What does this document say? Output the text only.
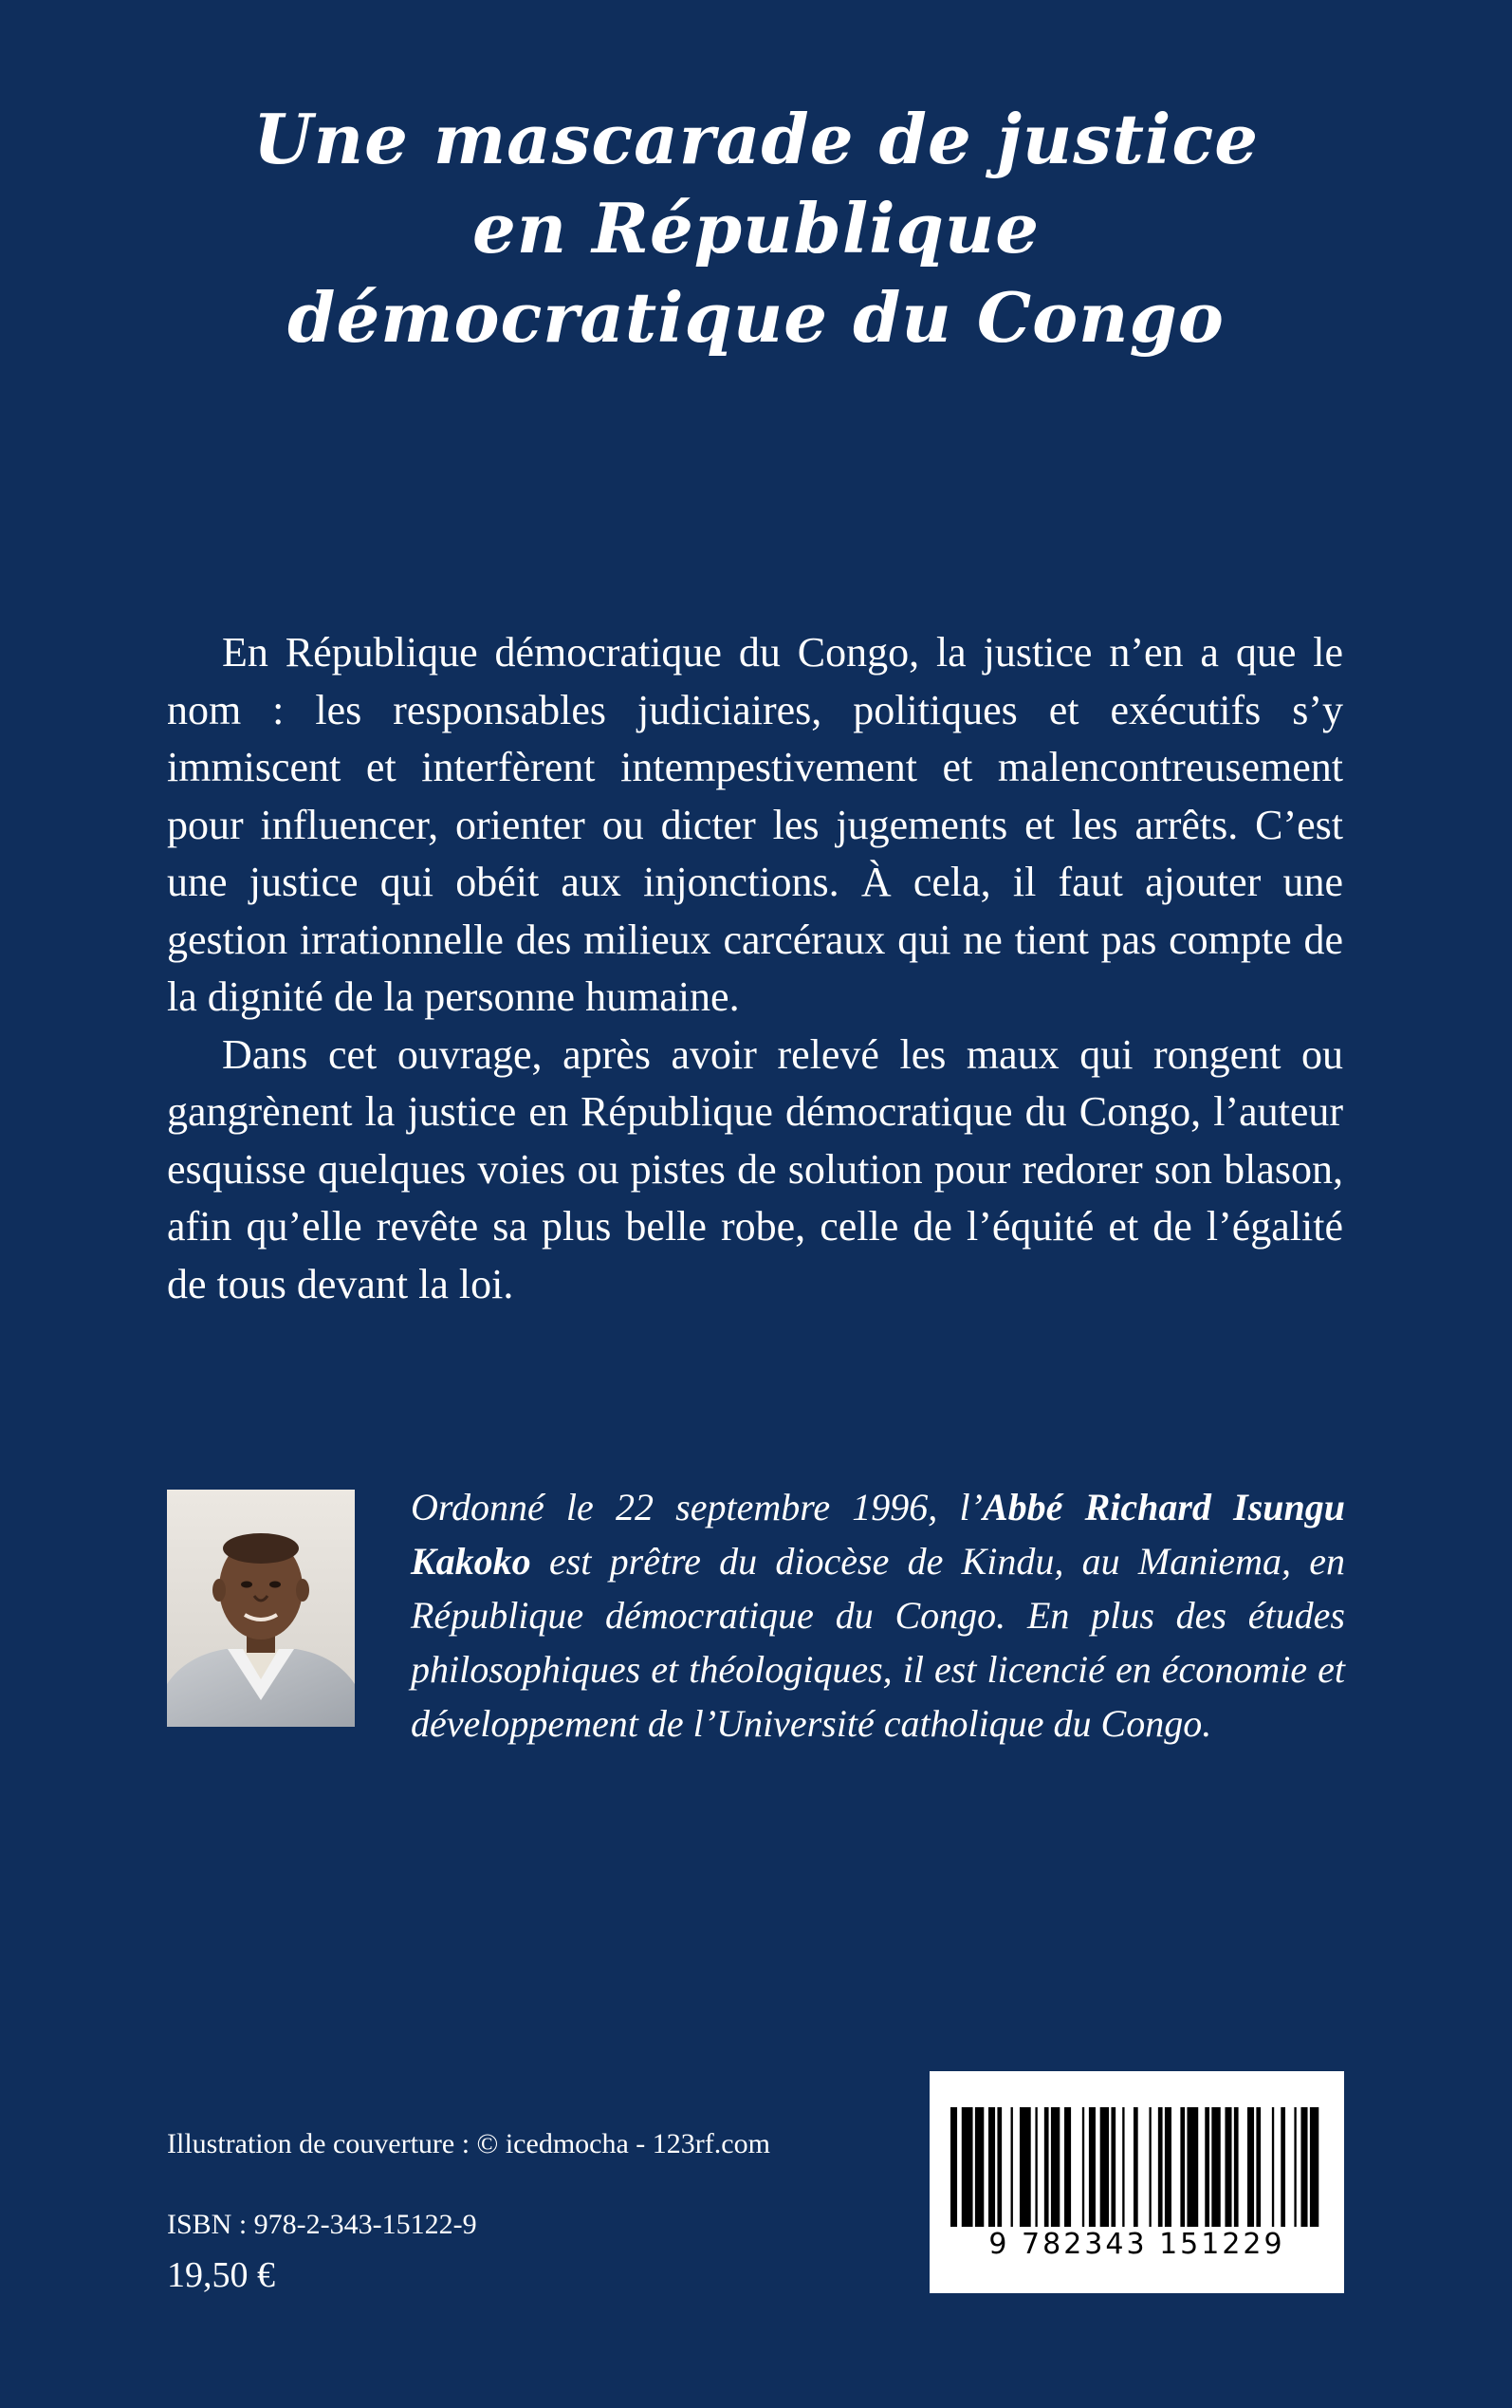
Une mascarade de justice
en République
démocratique du Congo

En République démocratique du Congo, la justice n’en a que le nom : les responsables judiciaires, politiques et exécutifs s’y immiscent et interfèrent intempestivement et malencontreusement pour influencer, orienter ou dicter les jugements et les arrêts. C’est une justice qui obéit aux injonctions. À cela, il faut ajouter une gestion irrationnelle des milieux carcéraux qui ne tient pas compte de la dignité de la personne humaine.

Dans cet ouvrage, après avoir relevé les maux qui rongent ou gangrènent la justice en République démocratique du Congo, l’auteur esquisse quelques voies ou pistes de solution pour redorer son blason, afin qu’elle revête sa plus belle robe, celle de l’équité et de l’égalité de tous devant la loi.

Ordonné le 22 septembre 1996, l’Abbé Richard Isungu Kakoko est prêtre du diocèse de Kindu, au Maniema, en République démocratique du Congo. En plus des études philosophiques et théologiques, il est licencié en économie et développement de l’Université catholique du Congo.
Illustration de couverture : © icedmocha - 123rf.com
ISBN : 978-2-343-15122-9
19,50 €
9 782343 151229
